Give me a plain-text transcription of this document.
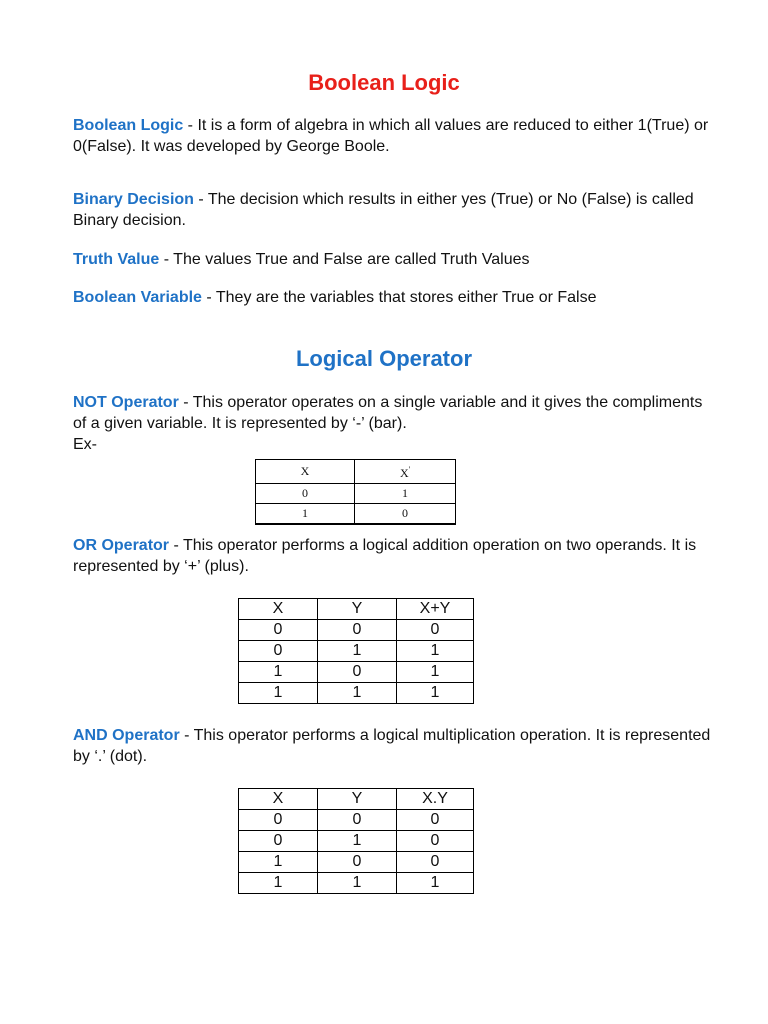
Boolean Logic

Boolean Logic - It is a form of algebra in which all values are reduced to either 1(True) or 0(False). It was developed by George Boole.

Binary Decision - The decision which results in either yes (True) or No (False) is called Binary decision.

Truth Value - The values True and False are called Truth Values

Boolean Variable - They are the variables that stores either True or False

Logical Operator

NOT Operator - This operator operates on a single variable and it gives the compliments of a given variable. It is represented by ‘-’ (bar).
Ex-

X	X'
0	1
1	0

OR Operator - This operator performs a logical addition operation on two operands. It is represented by ‘+’ (plus).

X	Y	X+Y
0	0	0
0	1	1
1	0	1
1	1	1

AND Operator - This operator performs a logical multiplication operation. It is represented by ‘.’ (dot).

X	Y	X.Y
0	0	0
0	1	0
1	0	0
1	1	1
